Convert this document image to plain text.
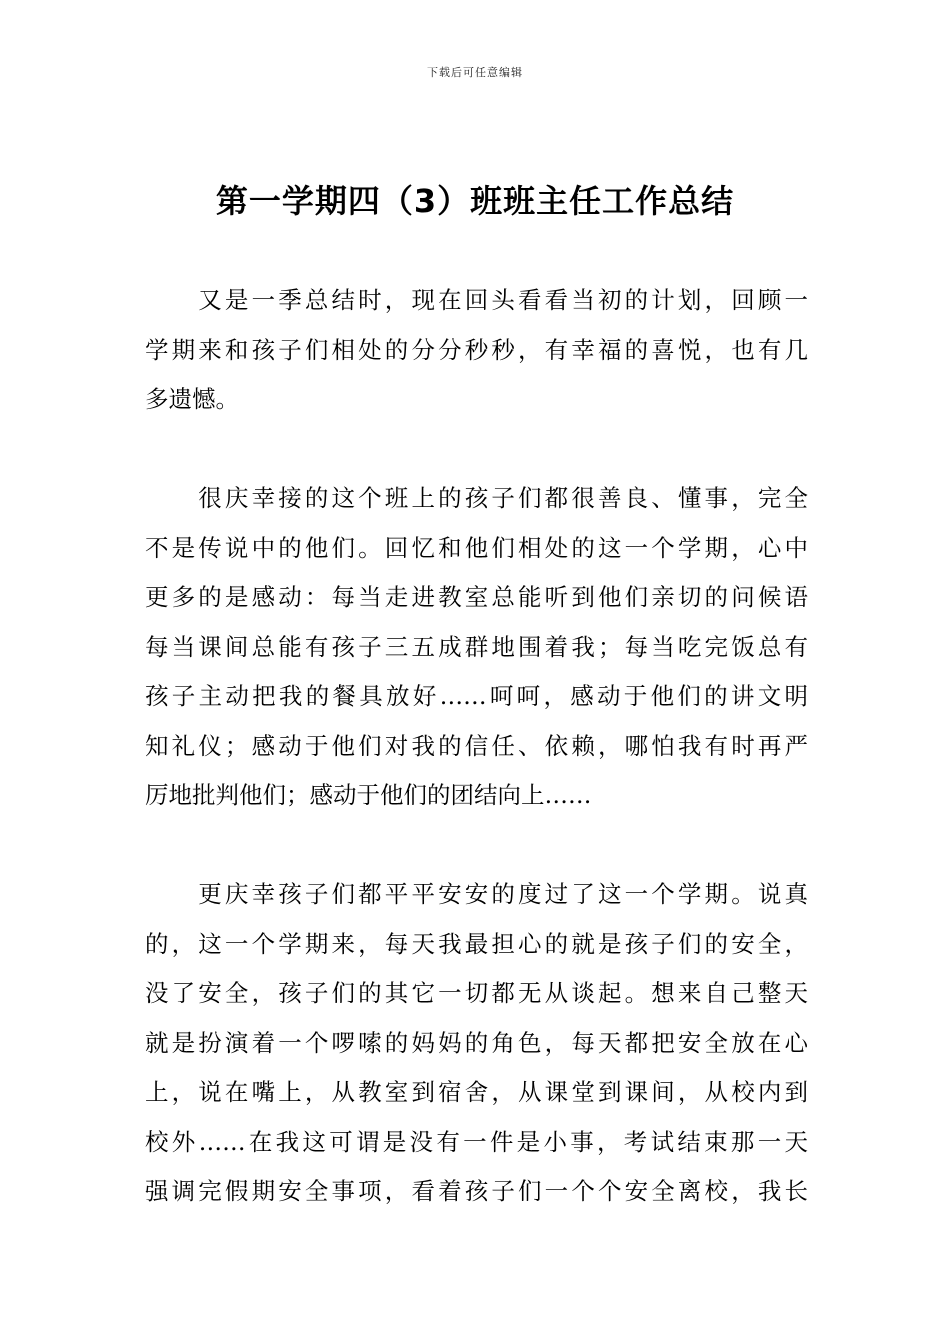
下载后可任意编辑
第一学期四（3）班班主任工作总结
　　又是一季总结时，现在回头看看当初的计划，回顾一
学期来和孩子们相处的分分秒秒，有幸福的喜悦，也有几
多遗憾。
　　很庆幸接的这个班上的孩子们都很善良、懂事，完全
不是传说中的他们。回忆和他们相处的这一个学期，心中
更多的是感动：每当走进教室总能听到他们亲切的问候语
每当课间总能有孩子三五成群地围着我；每当吃完饭总有
孩子主动把我的餐具放好……呵呵，感动于他们的讲文明
知礼仪；感动于他们对我的信任、依赖，哪怕我有时再严
厉地批判他们；感动于他们的团结向上……
　　更庆幸孩子们都平平安安的度过了这一个学期。说真
的，这一个学期来，每天我最担心的就是孩子们的安全，
没了安全，孩子们的其它一切都无从谈起。想来自己整天
就是扮演着一个啰嗦的妈妈的角色，每天都把安全放在心
上，说在嘴上，从教室到宿舍，从课堂到课间，从校内到
校外……在我这可谓是没有一件是小事，考试结束那一天
强调完假期安全事项，看着孩子们一个个安全离校，我长
